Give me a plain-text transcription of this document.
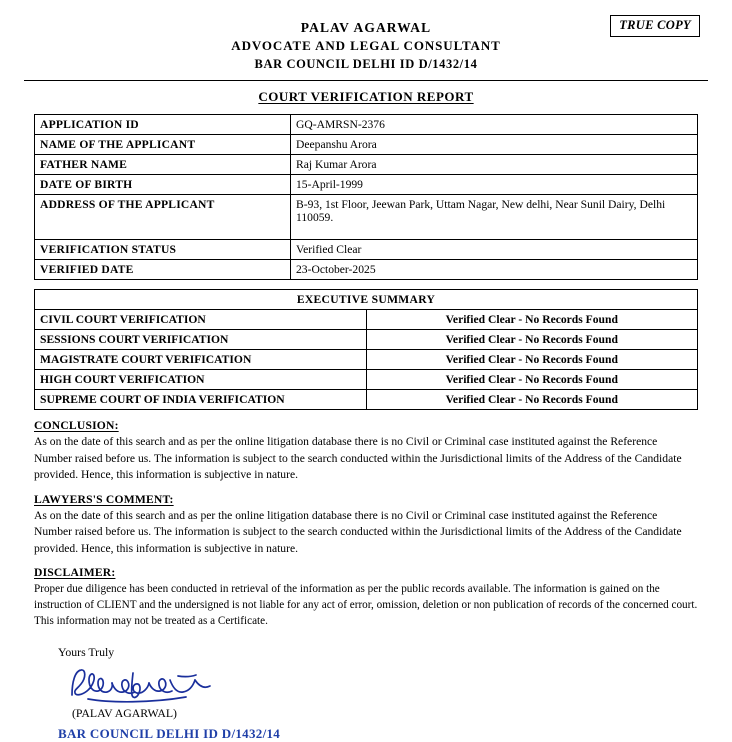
TRUE COPY
PALAV AGARWAL
ADVOCATE AND LEGAL CONSULTANT
BAR COUNCIL DELHI ID D/1432/14
COURT VERIFICATION REPORT
APPLICATION ID	GQ-AMRSN-2376
NAME OF THE APPLICANT	Deepanshu Arora
FATHER NAME	Raj Kumar Arora
DATE OF BIRTH	15-April-1999
ADDRESS OF THE APPLICANT	B-93, 1st Floor, Jeewan Park, Uttam Nagar, New delhi, Near Sunil Dairy, Delhi 110059.
VERIFICATION STATUS	Verified Clear
VERIFIED DATE	23-October-2025
EXECUTIVE SUMMARY	
CIVIL COURT VERIFICATION	Verified Clear - No Records Found
SESSIONS COURT VERIFICATION	Verified Clear - No Records Found
MAGISTRATE COURT VERIFICATION	Verified Clear - No Records Found
HIGH COURT VERIFICATION	Verified Clear - No Records Found
SUPREME COURT OF INDIA VERIFICATION	Verified Clear - No Records Found
CONCLUSION:
As on the date of this search and as per the online litigation database there is no Civil or Criminal case instituted against the Reference Number raised before us. The information is subject to the search conducted within the Jurisdictional limits of the Address of the Candidate provided. Hence, this information is subjective in nature.
LAWYERS'S COMMENT:
As on the date of this search and as per the online litigation database there is no Civil or Criminal case instituted against the Reference Number raised before us. The information is subject to the search conducted within the Jurisdictional limits of the Address of the Candidate provided. Hence, this information is subjective in nature.
DISCLAIMER:
Proper due diligence has been conducted in retrieval of the information as per the public records available. The information is gained on the instruction of CLIENT and the undersigned is not liable for any act of error, omission, deletion or non publication of records of the concerned court. This information may not be treated as a Certificate.
Yours Truly
(PALAV AGARWAL)
BAR COUNCIL DELHI ID D/1432/14
